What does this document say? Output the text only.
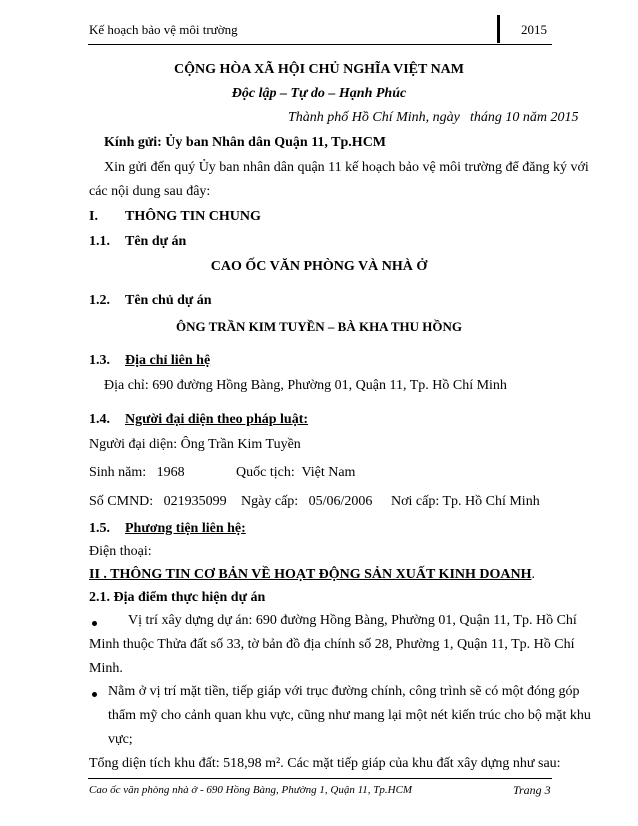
Kế hoạch bảo vệ môi trường	2015
CỘNG HÒA XÃ HỘI CHỦ NGHĨA VIỆT NAM
Độc lập – Tự do – Hạnh Phúc
Thành phố Hồ Chí Minh, ngày tháng 10 năm 2015
Kính gửi: Ủy ban Nhân dân Quận 11, Tp.HCM
Xin gửi đến quý Ủy ban nhân dân quận 11 kế hoạch bảo vệ môi trường để đăng ký với
các nội dung sau đây:
I. THÔNG TIN CHUNG
1.1. Tên dự án
CAO ỐC VĂN PHÒNG VÀ NHÀ Ở
1.2. Tên chủ dự án
ÔNG TRẦN KIM TUYỀN – BÀ KHA THU HỒNG
1.3. Địa chỉ liên hệ
Địa chỉ: 690 đường Hồng Bàng, Phường 01, Quận 11, Tp. Hồ Chí Minh
1.4. Người đại diện theo pháp luật:
Người đại diện: Ông Trần Kim Tuyền
Sinh năm:   1968	Quốc tịch:  Việt Nam
Số CMND:   021935099 Ngày cấp:   05/06/2006 Nơi cấp: Tp. Hồ Chí Minh
1.5. Phương tiện liên hệ:
Điện thoại:
II . THÔNG TIN CƠ BẢN VỀ HOẠT ĐỘNG SẢN XUẤT KINH DOANH.
2.1. Địa điểm thực hiện dự án
Vị trí xây dựng dự án: 690 đường Hồng Bàng, Phường 01, Quận 11, Tp. Hồ Chí
Minh thuộc Thửa đất số 33, tờ bản đồ địa chính số 28, Phường 1, Quận 11, Tp. Hồ Chí
Minh.
Nằm ở vị trí mặt tiền, tiếp giáp với trục đường chính, công trình sẽ có một đóng góp
thẩm mỹ cho cảnh quan khu vực, cũng như mang lại một nét kiến trúc cho bộ mặt khu
vực;
Tổng diện tích khu đất: 518,98 m². Các mặt tiếp giáp của khu đất xây dựng như sau:
Cao ốc văn phòng nhà ở - 690 Hồng Bàng, Phường 1, Quận 11, Tp.HCM	Trang 3
